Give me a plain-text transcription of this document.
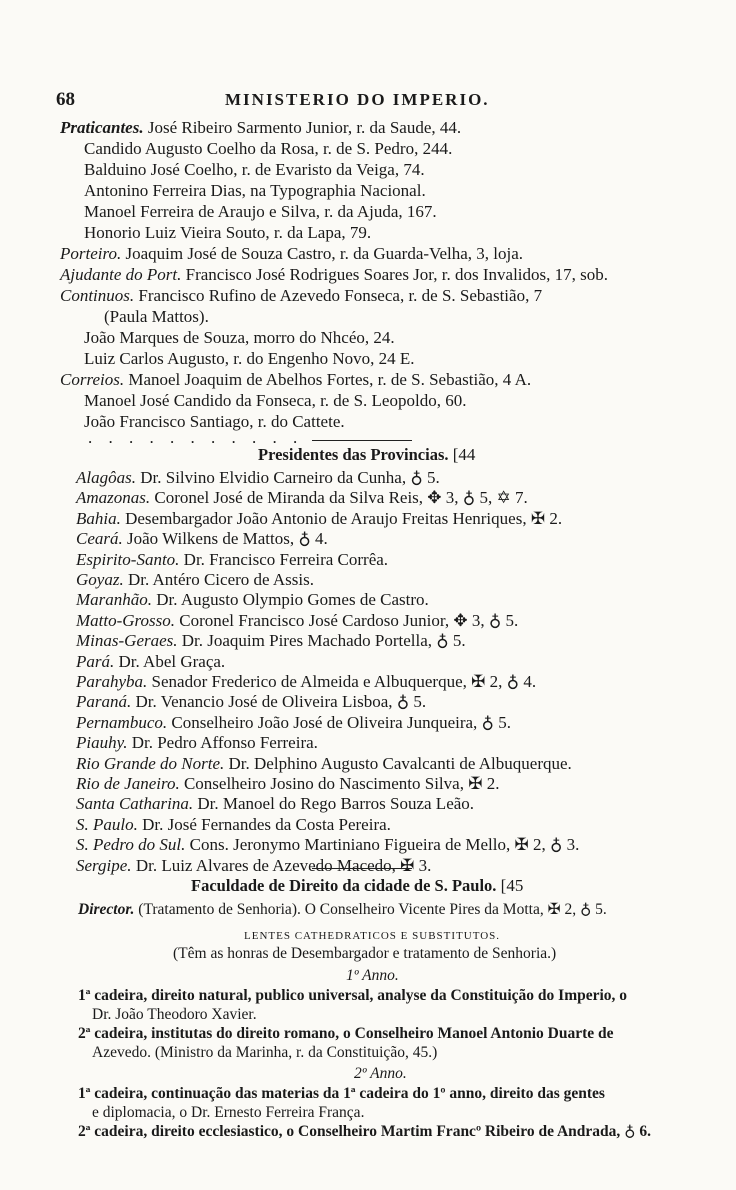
68	MINISTERIO DO IMPERIO.
Praticantes. José Ribeiro Sarmento Junior, r. da Saude, 44.
Candido Augusto Coelho da Rosa, r. de S. Pedro, 244.
Balduino José Coelho, r. de Evaristo da Veiga, 74.
Antonino Ferreira Dias, na Typographia Nacional.
Manoel Ferreira de Araujo e Silva, r. da Ajuda, 167.
Honorio Luiz Vieira Souto, r. da Lapa, 79.
Porteiro. Joaquim José de Souza Castro, r. da Guarda-Velha, 3, loja.
Ajudante do Port. Francisco José Rodrigues Soares Jor, r. dos Invalidos, 17, sob.
Continuos. Francisco Rufino de Azevedo Fonseca, r. de S. Sebastião, 7
(Paula Mattos).
João Marques de Souza, morro do Nhcéo, 24.
Luiz Carlos Augusto, r. do Engenho Novo, 24 E.
Correios. Manoel Joaquim de Abelhos Fortes, r. de S. Sebastião, 4 A.
Manoel José Candido da Fonseca, r. de S. Leopoldo, 60.
João Francisco Santiago, r. do Cattete.
. . . . . . . . . . .
Presidentes das Provincias. [44
Alagôas. Dr. Silvino Elvidio Carneiro da Cunha, ♁ 5.
Amazonas. Coronel José de Miranda da Silva Reis, ✥ 3, ♁ 5, ✡ 7.
Bahia. Desembargador João Antonio de Araujo Freitas Henriques, ✠ 2.
Ceará. João Wilkens de Mattos, ♁ 4.
Espirito-Santo. Dr. Francisco Ferreira Corrêa.
Goyaz. Dr. Antéro Cicero de Assis.
Maranhão. Dr. Augusto Olympio Gomes de Castro.
Matto-Grosso. Coronel Francisco José Cardoso Junior, ✥ 3, ♁ 5.
Minas-Geraes. Dr. Joaquim Pires Machado Portella, ♁ 5.
Pará. Dr. Abel Graça.
Parahyba. Senador Frederico de Almeida e Albuquerque, ✠ 2, ♁ 4.
Paraná. Dr. Venancio José de Oliveira Lisboa, ♁ 5.
Pernambuco. Conselheiro João José de Oliveira Junqueira, ♁ 5.
Piauhy. Dr. Pedro Affonso Ferreira.
Rio Grande do Norte. Dr. Delphino Augusto Cavalcanti de Albuquerque.
Rio de Janeiro. Conselheiro Josino do Nascimento Silva, ✠ 2.
Santa Catharina. Dr. Manoel do Rego Barros Souza Leão.
S. Paulo. Dr. José Fernandes da Costa Pereira.
S. Pedro do Sul. Cons. Jeronymo Martiniano Figueira de Mello, ✠ 2, ♁ 3.
Sergipe. Dr. Luiz Alvares de Azevedo Macedo, ✠ 3.
Faculdade de Direito da cidade de S. Paulo. [45
Director. (Tratamento de Senhoria). O Conselheiro Vicente Pires da Motta, ✠ 2, ♁ 5.
LENTES CATHEDRATICOS E SUBSTITUTOS.
(Têm as honras de Desembargador e tratamento de Senhoria.)
1º Anno.
1ª cadeira, direito natural, publico universal, analyse da Constituição do Imperio, o
Dr. João Theodoro Xavier.
2ª cadeira, institutas do direito romano, o Conselheiro Manoel Antonio Duarte de
Azevedo. (Ministro da Marinha, r. da Constituição, 45.)
2º Anno.
1ª cadeira, continuação das materias da 1ª cadeira do 1º anno, direito das gentes
e diplomacia, o Dr. Ernesto Ferreira França.
2ª cadeira, direito ecclesiastico, o Conselheiro Martim Francº Ribeiro de Andrada, ♁ 6.
